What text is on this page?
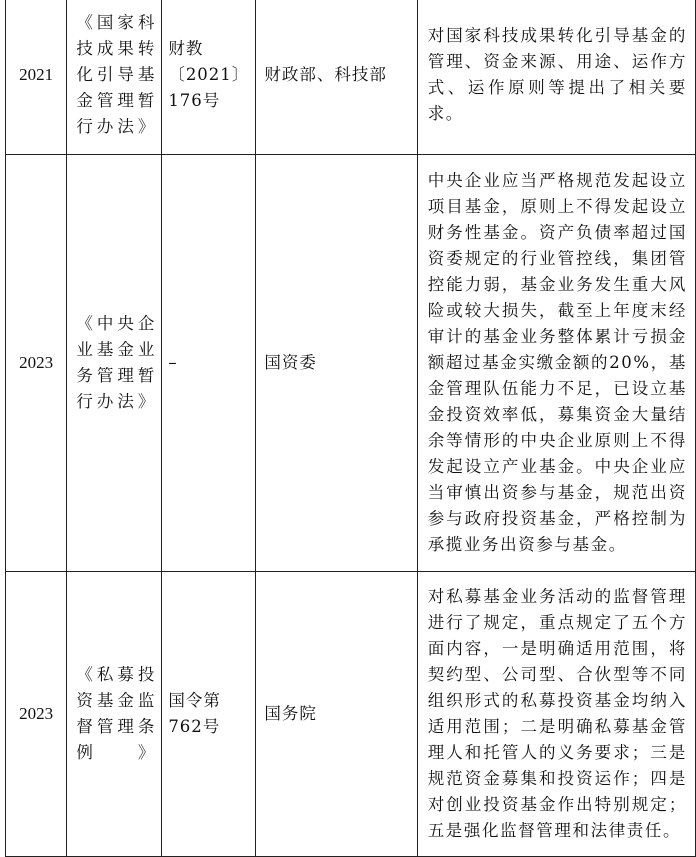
2021	《国家科技成果转化引导基金管理暂行办法》	财教〔2021〕176号	财政部、科技部	对国家科技成果转化引导基金的管理、资金来源、用途、运作方式、运作原则等提出了相关要求。
2023	《中央企业基金业务管理暂行办法》	–	国资委	中央企业应当严格规范发起设立项目基金，原则上不得发起设立财务性基金。资产负债率超过国资委规定的行业管控线，集团管控能力弱，基金业务发生重大风险或较大损失，截至上年度末经审计的基金业务整体累计亏损金额超过基金实缴金额的20%，基金管理队伍能力不足，已设立基金投资效率低，募集资金大量结余等情形的中央企业原则上不得发起设立产业基金。中央企业应当审慎出资参与基金，规范出资参与政府投资基金，严格控制为承揽业务出资参与基金。
2023	《私募投资基金监督管理条例》	国令第762号	国务院	对私募基金业务活动的监督管理进行了规定，重点规定了五个方面内容，一是明确适用范围，将契约型、公司型、合伙型等不同组织形式的私募投资基金均纳入适用范围；二是明确私募基金管理人和托管人的义务要求；三是规范资金募集和投资运作；四是对创业投资基金作出特别规定；五是强化监督管理和法律责任。
